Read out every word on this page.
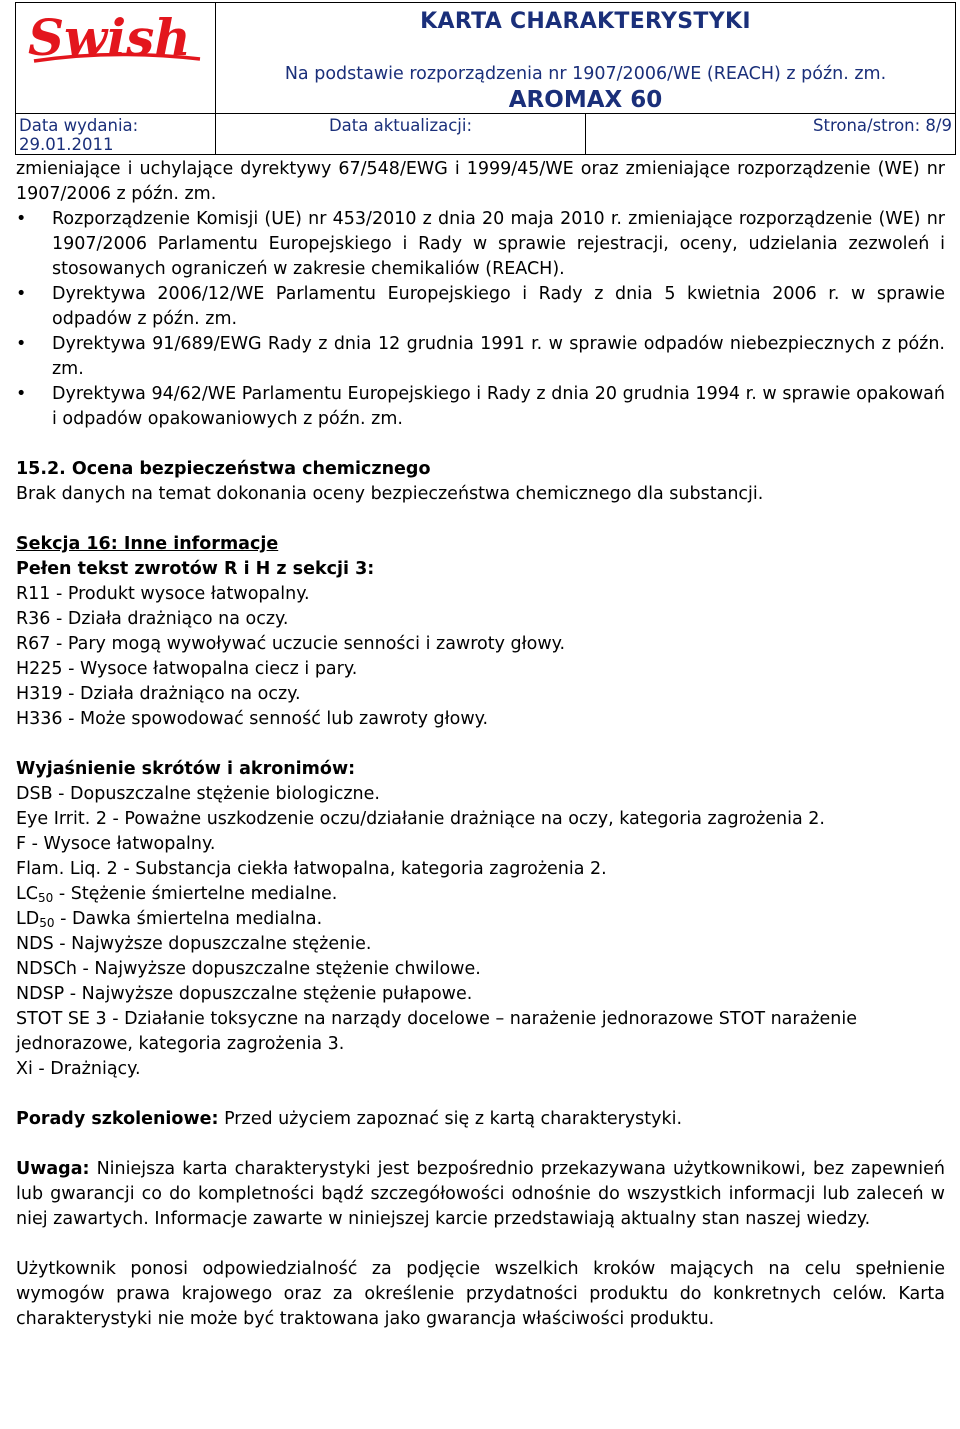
Swish	KARTA CHARAKTERYSTYKI
Na podstawie rozporządzenia nr 1907/2006/WE (REACH) z późn. zm.
AROMAX 60	

Data wydania: 29.01.2011	Data aktualizacji:	Strona/stron: 8/9

zmieniające i uchylające dyrektywy 67/548/EWG i 1999/45/WE oraz zmieniające rozporządzenie (WE) nr 1907/2006 z późn. zm.

• Rozporządzenie Komisji (UE) nr 453/2010 z dnia 20 maja 2010 r. zmieniające rozporządzenie (WE) nr 1907/2006 Parlamentu Europejskiego i Rady w sprawie rejestracji, oceny, udzielania zezwoleń i stosowanych ograniczeń w zakresie chemikaliów (REACH).
• Dyrektywa 2006/12/WE Parlamentu Europejskiego i Rady z dnia 5 kwietnia 2006 r. w sprawie odpadów z późn. zm.
• Dyrektywa 91/689/EWG Rady z dnia 12 grudnia 1991 r. w sprawie odpadów niebezpiecznych z późn. zm.
• Dyrektywa 94/62/WE Parlamentu Europejskiego i Rady z dnia 20 grudnia 1994 r. w sprawie opakowań i odpadów opakowaniowych z późn. zm.

15.2. Ocena bezpieczeństwa chemicznego

Brak danych na temat dokonania oceny bezpieczeństwa chemicznego dla substancji.

Sekcja 16: Inne informacje

Pełen tekst zwrotów R i H z sekcji 3:

R11 - Produkt wysoce łatwopalny.

R36 - Działa drażniąco na oczy.

R67 - Pary mogą wywoływać uczucie senności i zawroty głowy.

H225 - Wysoce łatwopalna ciecz i pary.

H319 - Działa drażniąco na oczy.

H336 - Może spowodować senność lub zawroty głowy.

Wyjaśnienie skrótów i akronimów:

DSB - Dopuszczalne stężenie biologiczne.

Eye Irrit. 2 - Poważne uszkodzenie oczu/działanie drażniące na oczy, kategoria zagrożenia 2.

F - Wysoce łatwopalny.

Flam. Liq. 2 - Substancja ciekła łatwopalna, kategoria zagrożenia 2.

$LC_{50}$ - Stężenie śmiertelne medialne.

$LD_{50}$ - Dawka śmiertelna medialna.

NDS - Najwyższe dopuszczalne stężenie.

NDSCh - Najwyższe dopuszczalne stężenie chwilowe.

NDSP - Najwyższe dopuszczalne stężenie pułapowe.

STOT SE 3 - Działanie toksyczne na narządy docelowe – narażenie jednorazowe STOT narażenie jednorazowe, kategoria zagrożenia 3.

Xi - Drażniący.

Porady szkoleniowe: Przed użyciem zapoznać się z kartą charakterystyki.

Uwaga: Niniejsza karta charakterystyki jest bezpośrednio przekazywana użytkownikowi, bez zapewnień lub gwarancji co do kompletności bądź szczegółowości odnośnie do wszystkich informacji lub zaleceń w niej zawartych. Informacje zawarte w niniejszej karcie przedstawiają aktualny stan naszej wiedzy.

Użytkownik ponosi odpowiedzialność za podjęcie wszelkich kroków mających na celu spełnienie wymogów prawa krajowego oraz za określenie przydatności produktu do konkretnych celów. Karta charakterystyki nie może być traktowana jako gwarancja właściwości produktu.
